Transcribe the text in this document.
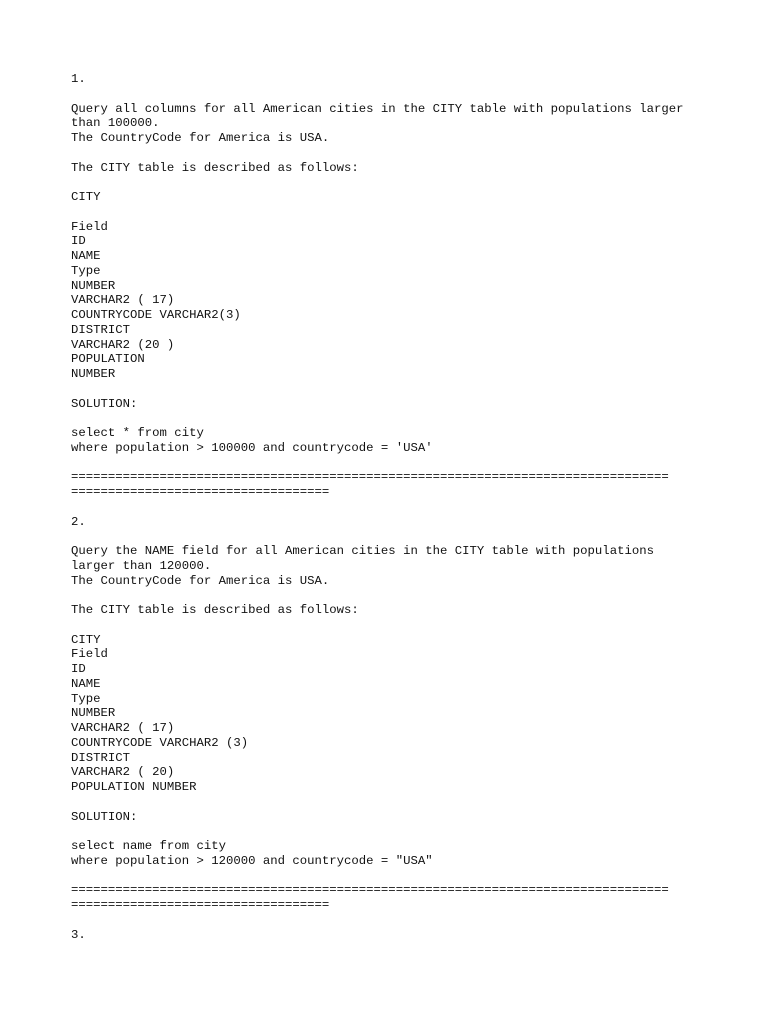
1.
Query all columns for all American cities in the CITY table with populations larger
than 100000.
The CountryCode for America is USA.
The CITY table is described as follows:
CITY
Field
ID
NAME
Type
NUMBER
VARCHAR2 ( 17)
COUNTRYCODE VARCHAR2(3)
DISTRICT
VARCHAR2 (20 )
POPULATION
NUMBER
SOLUTION:
select * from city
where population > 100000 and countrycode = 'USA'
=================================================================================
===================================
2.
Query the NAME field for all American cities in the CITY table with populations
larger than 120000.
The CountryCode for America is USA.
The CITY table is described as follows:
CITY
Field
ID
NAME
Type
NUMBER
VARCHAR2 ( 17)
COUNTRYCODE VARCHAR2 (3)
DISTRICT
VARCHAR2 ( 20)
POPULATION NUMBER
SOLUTION:
select name from city
where population > 120000 and countrycode = "USA"
=================================================================================
===================================
3.
